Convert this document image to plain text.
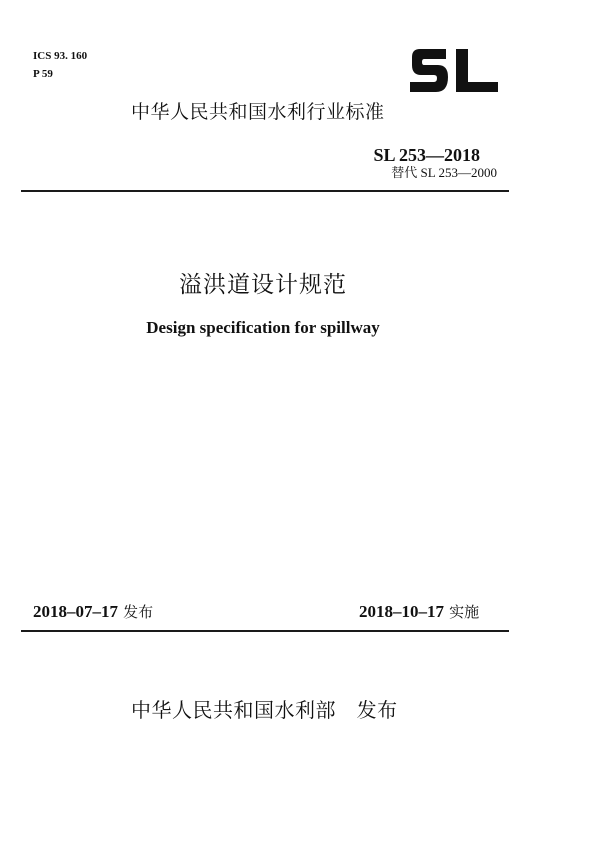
ICS 93. 160
P 59
中华人民共和国水利行业标准
SL 253—2018
替代 SL 253—2000
溢洪道设计规范
Design specification for spillway
2018–07–17 发布	2018–10–17 实施
中华人民共和国水利部 发布
